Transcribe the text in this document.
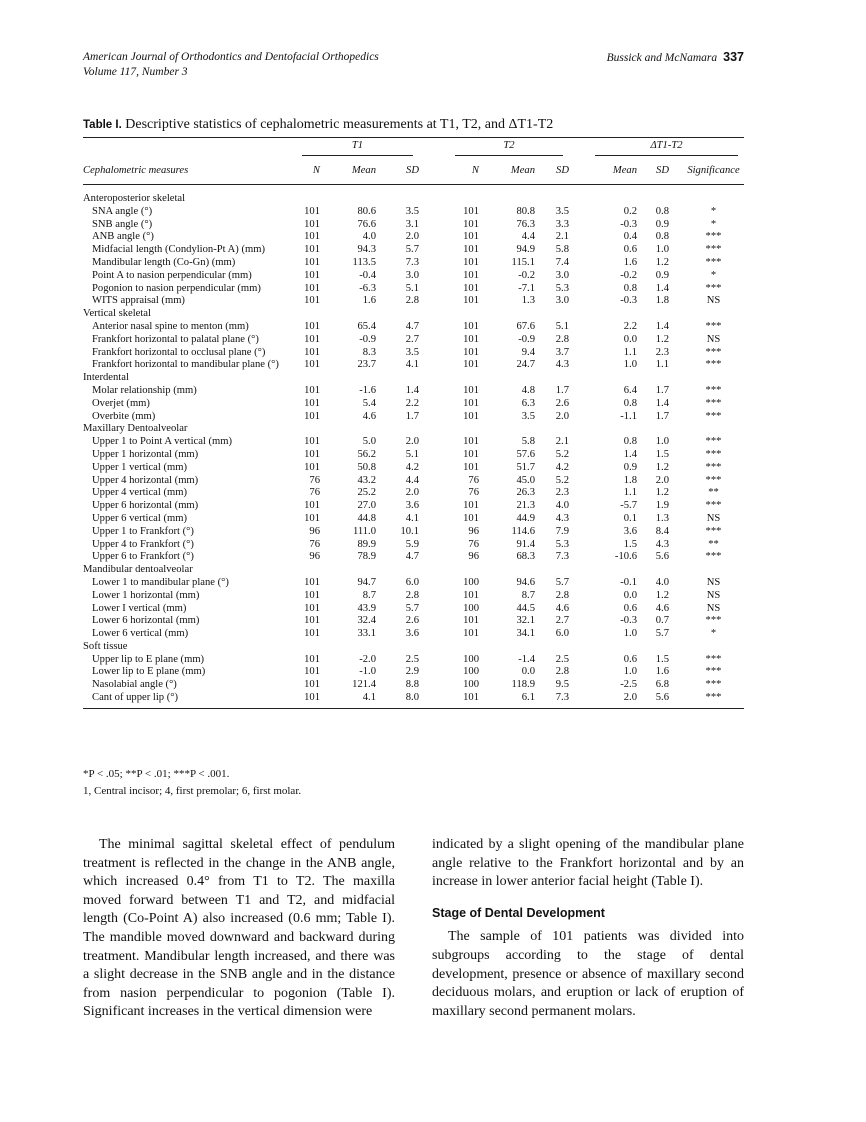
American Journal of Orthodontics and Dentofacial Orthopedics
Volume 117, Number 3
Bussick and McNamara 337
Table I. Descriptive statistics of cephalometric measurements at T1, T2, and ΔT1-T2

	T1			T2			ΔT1-T2		

Cephalometric measures	N	Mean	SD	N	Mean	SD	Mean	SD	Significance
Anteroposterior skeletal									
SNA angle (°)	101	80.6	3.5	101	80.8	3.5	0.2	0.8	*
SNB angle (°)	101	76.6	3.1	101	76.3	3.3	-0.3	0.9	*
ANB angle (°)	101	4.0	2.0	101	4.4	2.1	0.4	0.8	***
Midfacial length (Condylion-Pt A) (mm)	101	94.3	5.7	101	94.9	5.8	0.6	1.0	***
Mandibular length (Co-Gn) (mm)	101	113.5	7.3	101	115.1	7.4	1.6	1.2	***
Point A to nasion perpendicular (mm)	101	-0.4	3.0	101	-0.2	3.0	-0.2	0.9	*
Pogonion to nasion perpendicular (mm)	101	-6.3	5.1	101	-7.1	5.3	0.8	1.4	***
WITS appraisal (mm)	101	1.6	2.8	101	1.3	3.0	-0.3	1.8	NS
Vertical skeletal									
Anterior nasal spine to menton (mm)	101	65.4	4.7	101	67.6	5.1	2.2	1.4	***
Frankfort horizontal to palatal plane (°)	101	-0.9	2.7	101	-0.9	2.8	0.0	1.2	NS
Frankfort horizontal to occlusal plane (°)	101	8.3	3.5	101	9.4	3.7	1.1	2.3	***
Frankfort horizontal to mandibular plane (°)	101	23.7	4.1	101	24.7	4.3	1.0	1.1	***
Interdental									
Molar relationship (mm)	101	-1.6	1.4	101	4.8	1.7	6.4	1.7	***
Overjet (mm)	101	5.4	2.2	101	6.3	2.6	0.8	1.4	***
Overbite (mm)	101	4.6	1.7	101	3.5	2.0	-1.1	1.7	***
Maxillary Dentoalveolar									
Upper 1 to Point A vertical (mm)	101	5.0	2.0	101	5.8	2.1	0.8	1.0	***
Upper 1 horizontal (mm)	101	56.2	5.1	101	57.6	5.2	1.4	1.5	***
Upper 1 vertical (mm)	101	50.8	4.2	101	51.7	4.2	0.9	1.2	***
Upper 4 horizontal (mm)	76	43.2	4.4	76	45.0	5.2	1.8	2.0	***
Upper 4 vertical (mm)	76	25.2	2.0	76	26.3	2.3	1.1	1.2	**
Upper 6 horizontal (mm)	101	27.0	3.6	101	21.3	4.0	-5.7	1.9	***
Upper 6 vertical (mm)	101	44.8	4.1	101	44.9	4.3	0.1	1.3	NS
Upper 1 to Frankfort (°)	96	111.0	10.1	96	114.6	7.9	3.6	8.4	***
Upper 4 to Frankfort (°)	76	89.9	5.9	76	91.4	5.3	1.5	4.3	**
Upper 6 to Frankfort (°)	96	78.9	4.7	96	68.3	7.3	-10.6	5.6	***
Mandibular dentoalveolar									
Lower 1 to mandibular plane (°)	101	94.7	6.0	100	94.6	5.7	-0.1	4.0	NS
Lower 1 horizontal (mm)	101	8.7	2.8	101	8.7	2.8	0.0	1.2	NS
Lower I vertical (mm)	101	43.9	5.7	100	44.5	4.6	0.6	4.6	NS
Lower 6 horizontal (mm)	101	32.4	2.6	101	32.1	2.7	-0.3	0.7	***
Lower 6 vertical (mm)	101	33.1	3.6	101	34.1	6.0	1.0	5.7	*
Soft tissue									
Upper lip to E plane (mm)	101	-2.0	2.5	100	-1.4	2.5	0.6	1.5	***
Lower lip to E plane (mm)	101	-1.0	2.9	100	0.0	2.8	1.0	1.6	***
Nasolabial angle (°)	101	121.4	8.8	100	118.9	9.5	-2.5	6.8	***
Cant of upper lip (°)	101	4.1	8.0	101	6.1	7.3	2.0	5.6	***
*P < .05; **P < .01; ***P < .001.
1, Central incisor; 4, first premolar; 6, first molar.

The minimal sagittal skeletal effect of pendulum treatment is reflected in the change in the ANB angle, which increased 0.4° from T1 to T2. The maxilla moved forward between T1 and T2, and midfacial length (Co-Point A) also increased (0.6 mm; Table I). The mandible moved downward and backward during treatment. Mandibular length increased, and there was a slight decrease in the SNB angle and in the distance from nasion perpendicular to pogonion (Table I). Significant increases in the vertical dimension were

indicated by a slight opening of the mandibular plane angle relative to the Frankfort horizontal and by an increase in lower anterior facial height (Table I).

Stage of Dental Development

The sample of 101 patients was divided into subgroups according to the stage of dental development, presence or absence of maxillary second deciduous molars, and eruption or lack of eruption of maxillary second permanent molars.
